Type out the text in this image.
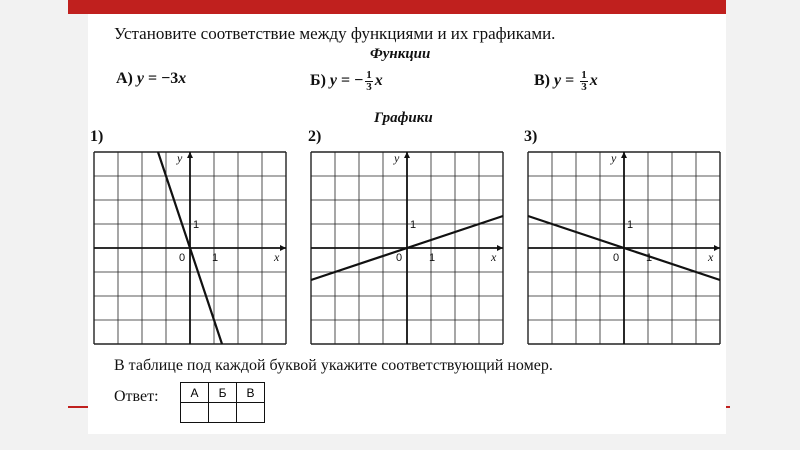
Установите соответствие между функциями и их графиками.
Функции
А) y = −3x	Б) y = − $\frac{1}{3}$ x	В) $y = \frac{1}{3}$ x
Графики
1)	2)	3)
0 1
1
x
y
0 1
1
x
y
0 1
1
x
y
В таблице под каждой буквой укажите соответствующий номер.
Ответ:	А	Б	В
